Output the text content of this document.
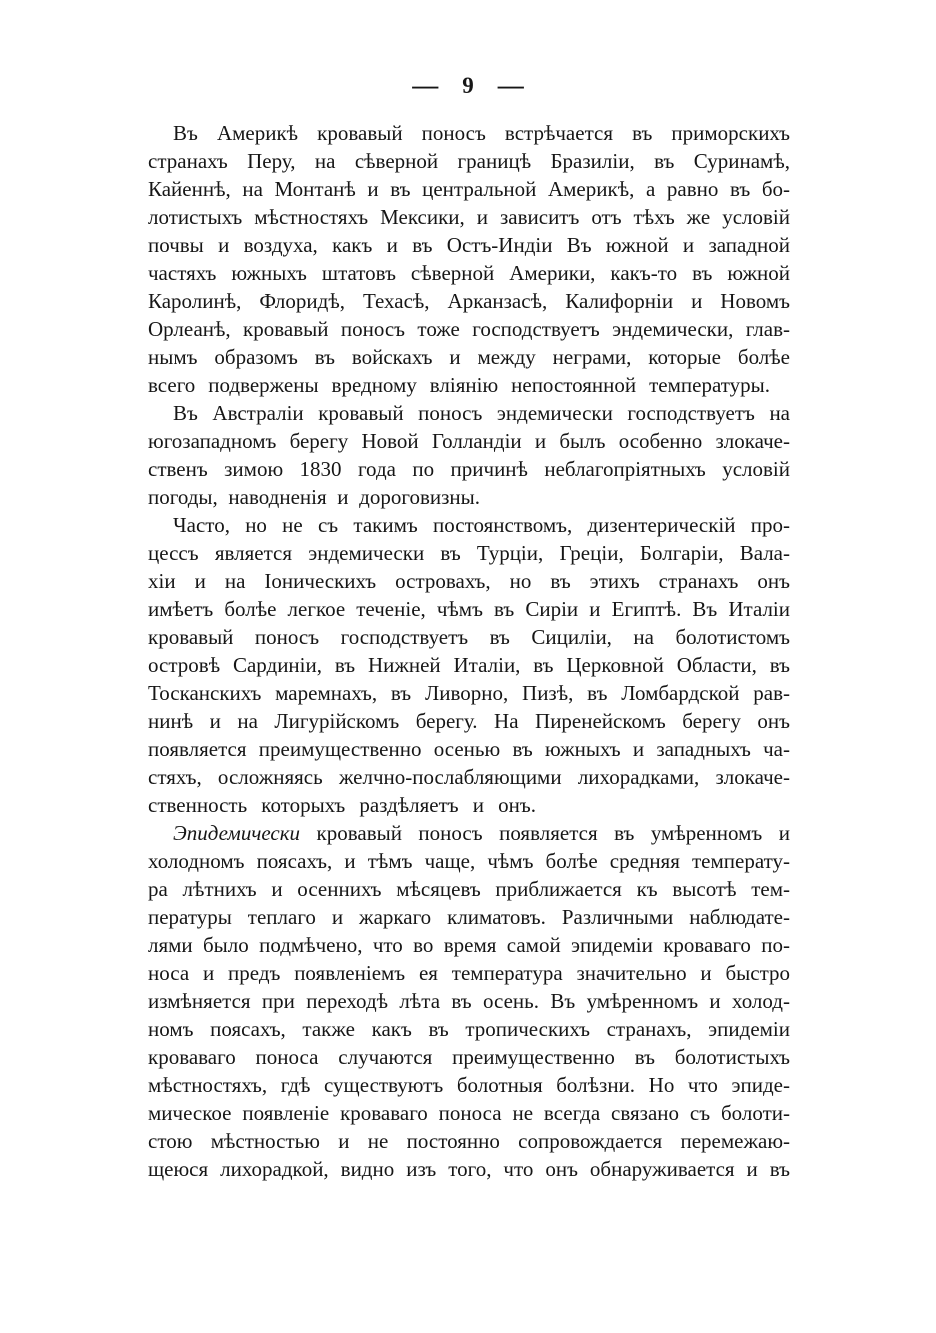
— 9 —
Въ Америкѣ кровавый поносъ встрѣчается въ приморскихъ
странахъ Перу, на сѣверной границѣ Бразиліи, въ Суринамѣ,
Кайеннѣ, на Монтанѣ и въ центральной Америкѣ, а равно въ бо-
лотистыхъ мѣстностяхъ Мексики, и зависитъ отъ тѣхъ же условій
почвы и воздуха, какъ и въ Остъ-Индіи Въ южной и западной
частяхъ южныхъ штатовъ сѣверной Америки, какъ-то въ южной
Каролинѣ, Флоридѣ, Техасѣ, Арканзасѣ, Калифорніи и Новомъ
Орлеанѣ, кровавый поносъ тоже господствуетъ эндемически, глав-
нымъ образомъ въ войскахъ и между неграми, которые болѣе
всего подвержены вредному вліянію непостоянной температуры.
Въ Австраліи кровавый поносъ эндемически господствуетъ на
югозападномъ берегу Новой Голландіи и былъ особенно злокаче-
ственъ зимою 1830 года по причинѣ неблагопріятныхъ условій
погоды, наводненія и дороговизны.
Часто, но не съ такимъ постоянствомъ, дизентерическій про-
цессъ является эндемически въ Турціи, Греціи, Болгаріи, Вала-
хіи и на Іоническихъ островахъ, но въ этихъ странахъ онъ
имѣетъ болѣе легкое теченіе, чѣмъ въ Сиріи и Египтѣ. Въ Италіи
кровавый поносъ господствуетъ въ Сициліи, на болотистомъ
островѣ Сардиніи, въ Нижней Италіи, въ Церковной Области, въ
Тосканскихъ маремнахъ, въ Ливорно, Пизѣ, въ Ломбардской рав-
нинѣ и на Лигурійскомъ берегу. На Пиренейскомъ берегу онъ
появляется преимущественно осенью въ южныхъ и западныхъ ча-
стяхъ, осложняясь желчно-послабляющими лихорадками, злокаче-
ственность которыхъ раздѣляетъ и онъ.
Эпидемически кровавый поносъ появляется въ умѣренномъ и
холодномъ поясахъ, и тѣмъ чаще, чѣмъ болѣе средняя температу-
ра лѣтнихъ и осеннихъ мѣсяцевъ приближается къ высотѣ тем-
пературы теплаго и жаркаго климатовъ. Различными наблюдате-
лями было подмѣчено, что во время самой эпидеміи кроваваго по-
носа и предъ появленіемъ ея температура значительно и быстро
измѣняется при переходѣ лѣта въ осень. Въ умѣренномъ и холод-
номъ поясахъ, также какъ въ тропическихъ странахъ, эпидеміи
кроваваго поноса случаются преимущественно въ болотистыхъ
мѣстностяхъ, гдѣ существуютъ болотныя болѣзни. Но что эпиде-
мическое появленіе кроваваго поноса не всегда связано съ болоти-
стою мѣстностью и не постоянно сопровождается перемежаю-
щеюся лихорадкой, видно изъ того, что онъ обнаруживается и въ
